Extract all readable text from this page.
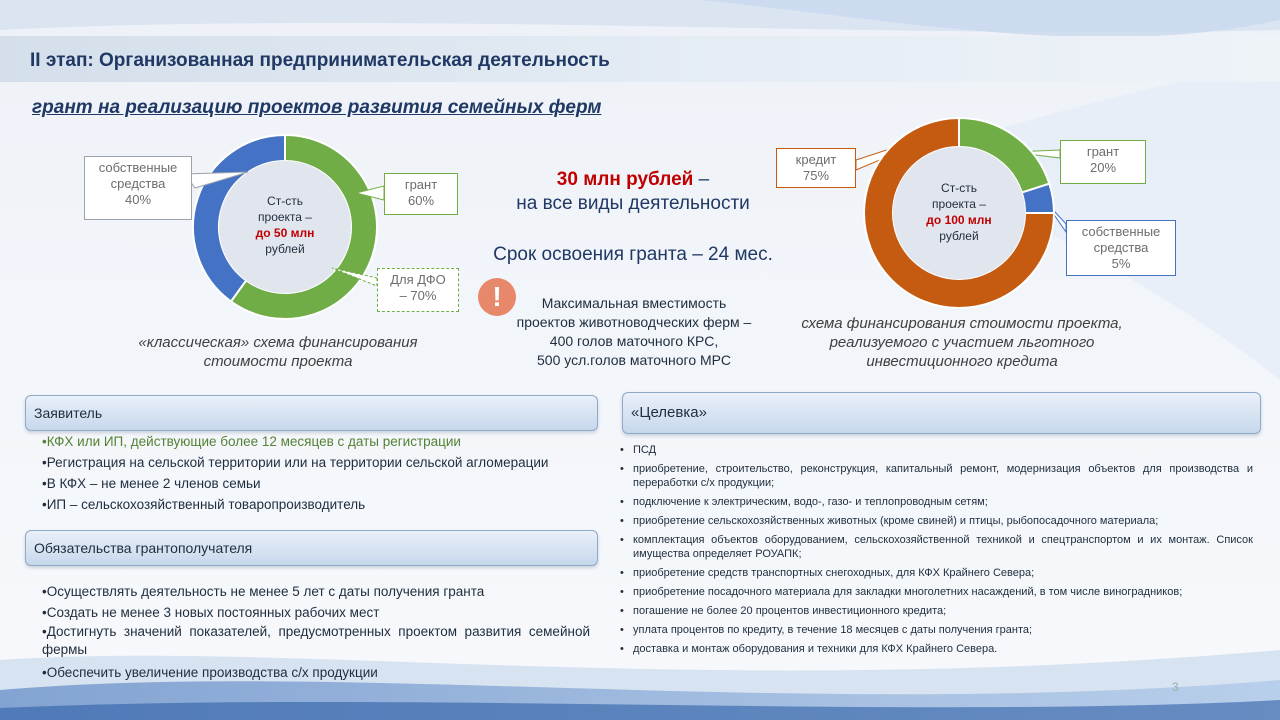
II этап: Организованная предпринимательская деятельность
грант на реализацию проектов развития семейных ферм
Ст-сть
проекта –
до 50 млн
рублей
собственные
средства
40%
грант
60%
Для ДФО
– 70%
«классическая» схема финансирования
стоимости проекта
30 млн рублей –
на все виды деятельности
Срок освоения гранта – 24 мес.
!	Максимальная вместимость
проектов животноводческих ферм –
400 голов маточного КРС,
500 усл.голов маточного МРС
Ст-сть
проекта –
до 100 млн
рублей
кредит
75%
грант
20%
собственные
средства
5%
схема финансирования стоимости проекта,
реализуемого с участием льготного
инвестиционного кредита
Заявитель
•КФХ или ИП, действующие более 12 месяцев с даты регистрации
•Регистрация на сельской территории или на территории сельской агломерации
•В КФХ – не менее 2 членов семьи
•ИП – сельскохозяйственный товаропроизводитель
Обязательства грантополучателя
•Осуществлять деятельность не менее 5 лет с даты получения гранта
•Создать не менее 3 новых постоянных рабочих мест
•Достигнуть значений показателей, предусмотренных проектом развития семейной фермы
•Обеспечить увеличение производства с/х продукции
«Целевка»
• ПСД
• приобретение, строительство, реконструкция, капитальный ремонт, модернизация объектов для производства и переработки с/х продукции;
• подключение к электрическим, водо-, газо- и теплопроводным сетям;
• приобретение сельскохозяйственных животных (кроме свиней) и птицы, рыбопосадочного материала;
• комплектация объектов оборудованием, сельскохозяйственной техникой и спецтранспортом и их монтаж. Список имущества определяет РОУАПК;
• приобретение средств транспортных снегоходных, для КФХ Крайнего Севера;
• приобретение посадочного материала для закладки многолетних насаждений, в том числе виноградников;
• погашение не более 20 процентов инвестиционного кредита;
• уплата процентов по кредиту, в течение 18 месяцев с даты получения гранта;
• доставка и монтаж оборудования и техники для КФХ Крайнего Севера.
3
